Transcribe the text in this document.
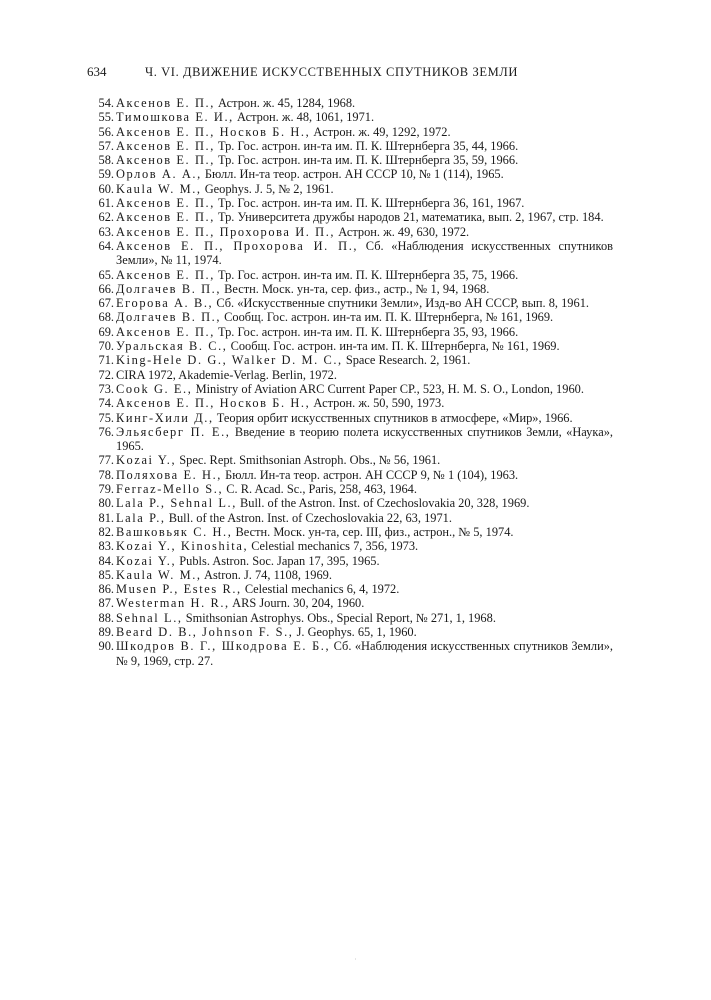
634	Ч. VI. ДВИЖЕНИЕ ИСКУССТВЕННЫХ СПУТНИКОВ ЗЕМЛИ
54. Аксенов Е. П., Астрон. ж. 45, 1284, 1968.
55. Тимошкова Е. И., Астрон. ж. 48, 1061, 1971.
56. Аксенов Е. П., Носков Б. Н., Астрон. ж. 49, 1292, 1972.
57. Аксенов Е. П., Тр. Гос. астрон. ин-та им. П. К. Штернберга 35, 44, 1966.
58. Аксенов Е. П., Тр. Гос. астрон. ин-та им. П. К. Штернберга 35, 59, 1966.
59. Орлов А. А., Бюлл. Ин-та теор. астрон. АН СССР 10, № 1 (114), 1965.
60. Kaula W. M., Geophys. J. 5, № 2, 1961.
61. Аксенов Е. П., Тр. Гос. астрон. ин-та им. П. К. Штернберга 36, 161, 1967.
62. Аксенов Е. П., Тр. Университета дружбы народов 21, математика, вып. 2, 1967, стр. 184.
63. Аксенов Е. П., Прохорова И. П., Астрон. ж. 49, 630, 1972.
64. Аксенов Е. П., Прохорова И. П., Сб. «Наблюдения искусственных спутников Земли», № 11, 1974.
65. Аксенов Е. П., Тр. Гос. астрон. ин-та им. П. К. Штернберга 35, 75, 1966.
66. Долгачев В. П., Вестн. Моск. ун-та, сер. физ., астр., № 1, 94, 1968.
67. Егорова А. В., Сб. «Искусственные спутники Земли», Изд-во АН СССР, вып. 8, 1961.
68. Долгачев В. П., Сообщ. Гос. астрон. ин-та им. П. К. Штернберга, № 161, 1969.
69. Аксенов Е. П., Тр. Гос. астрон. ин-та им. П. К. Штернберга 35, 93, 1966.
70. Уральская В. С., Сообщ. Гос. астрон. ин-та им. П. К. Штернберга, № 161, 1969.
71. King-Hele D. G., Walker D. M. C., Space Research. 2, 1961.
72. CIRA 1972, Akademie-Verlag. Berlin, 1972.
73. Cook G. E., Ministry of Aviation ARC Current Paper CP., 523, H. M. S. O., London, 1960.
74. Аксенов Е. П., Носков Б. Н., Астрон. ж. 50, 590, 1973.
75. Кинг-Хили Д., Теория орбит искусственных спутников в атмосфере, «Мир», 1966.
76. Эльясберг П. Е., Введение в теорию полета искусственных спутников Земли, «Наука», 1965.
77. Kozai Y., Spec. Rept. Smithsonian Astroph. Obs., № 56, 1961.
78. Поляхова Е. Н., Бюлл. Ин-та теор. астрон. АН СССР 9, № 1 (104), 1963.
79. Ferraz-Mello S., C. R. Acad. Sc., Paris, 258, 463, 1964.
80. Lala P., Sehnal L., Bull. of the Astron. Inst. of Czechoslovakia 20, 328, 1969.
81. Lala P., Bull. of the Astron. Inst. of Czechoslovakia 22, 63, 1971.
82. Вашковьяк С. Н., Вестн. Моск. ун-та, сер. III, физ., астрон., № 5, 1974.
83. Kozai Y., Kinoshita, Celestial mechanics 7, 356, 1973.
84. Kozai Y., Publs. Astron. Soc. Japan 17, 395, 1965.
85. Kaula W. M., Astron. J. 74, 1108, 1969.
86. Musen P., Estes R., Celestial mechanics 6, 4, 1972.
87. Westerman H. R., ARS Journ. 30, 204, 1960.
88. Sehnal L., Smithsonian Astrophys. Obs., Special Report, № 271, 1, 1968.
89. Beard D. B., Johnson F. S., J. Geophys. 65, 1, 1960.
90. Шкодров В. Г., Шкодрова Е. Б., Сб. «Наблюдения искусственных спутников Земли», № 9, 1969, стр. 27.
·
